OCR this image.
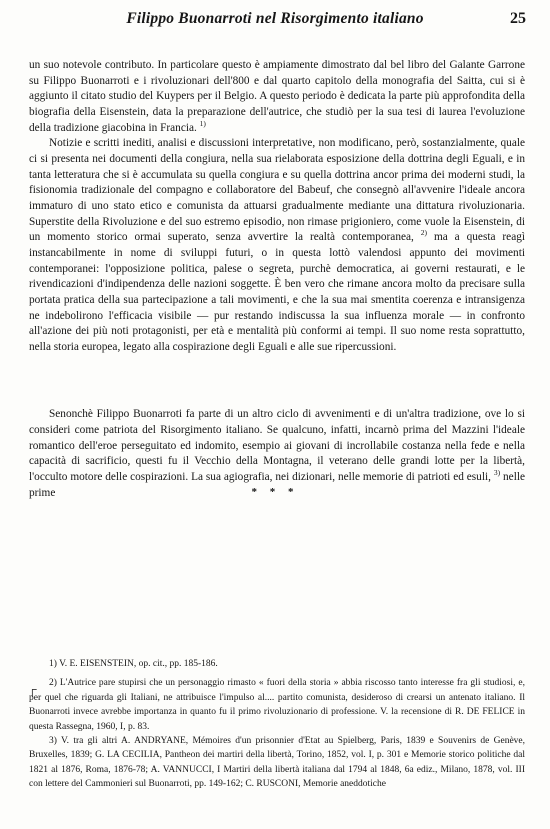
Filippo Buonarroti nel Risorgimento italiano	25

un suo notevole contributo. In particolare questo è ampiamente dimostrato dal bel libro del Galante Garrone su Filippo Buonarroti e i rivoluzionari dell'800 e dal quarto capitolo della monografia del Saitta, cui si è aggiunto il citato studio del Kuypers per il Belgio. A questo periodo è dedicata la parte più approfondita della biografia della Eisenstein, data la preparazione dell'autrice, che studiò per la sua tesi di laurea l'evoluzione della tradizione giacobina in Francia. $^{1)}$

Notizie e scritti inediti, analisi e discussioni interpretative, non modificano, però, sostanzialmente, quale ci si presenta nei documenti della congiura, nella sua rielaborata esposizione della dottrina degli Eguali, e in tanta letteratura che si è accumulata su quella congiura e su quella dottrina ancor prima dei moderni studi, la fisionomia tradizionale del compagno e collaboratore del Babeuf, che consegnò all'avvenire l'ideale ancora immaturo di uno stato etico e comunista da attuarsi gradualmente mediante una dittatura rivoluzionaria. Superstite della Rivoluzione e del suo estremo episodio, non rimase prigioniero, come vuole la Eisenstein, di un momento storico ormai superato, senza avvertire la realtà contemporanea, $^{2)}$ ma a questa reagì instancabilmente in nome di sviluppi futuri, o in questa lottò valendosi appunto dei movimenti contemporanei: l'opposizione politica, palese o segreta, purchè democratica, ai governi restaurati, e le rivendicazioni d'indipendenza delle nazioni soggette. È ben vero che rimane ancora molto da precisare sulla portata pratica della sua partecipazione a tali movimenti, e che la sua mai smentita coerenza e intransigenza ne indebolirono l'efficacia visibile — pur restando indiscussa la sua influenza morale — in confronto all'azione dei più noti protagonisti, per età e mentalità più conformi ai tempi. Il suo nome resta soprattutto, nella storia europea, legato alla cospirazione degli Eguali e alle sue ripercussioni.

Senonchè Filippo Buonarroti fa parte di un altro ciclo di avvenimenti e di un'altra tradizione, ove lo si consideri come patriota del Risorgimento italiano. Se qualcuno, infatti, incarnò prima del Mazzini l'ideale romantico dell'eroe perseguitato ed indomito, esempio ai giovani di incrollabile costanza nella fede e nella capacità di sacrificio, questi fu il Vecchio della Montagna, il veterano delle grandi lotte per la libertà, l'occulto motore delle cospirazioni. La sua agiografia, nei dizionari, nelle memorie di patrioti ed esuli, $^{3)}$ nelle prime	* * *
┌

1) V. E. EISENSTEIN, op. cit., pp. 185-186.

2) L'Autrice pare stupirsi che un personaggio rimasto « fuori della storia » abbia riscosso tanto interesse fra gli studiosi, e, per quel che riguarda gli Italiani, ne attribuisce l'impulso al.... partito comunista, desideroso di crearsi un antenato italiano. Il Buonarroti invece avrebbe importanza in quanto fu il primo rivoluzionario di professione. V. la recensione di R. DE FELICE in questa Rassegna, 1960, I, p. 83.

3) V. tra gli altri A. ANDRYANE, Mémoires d'un prisonnier d'Etat au Spielberg, Paris, 1839 e Souvenirs de Genève, Bruxelles, 1839; G. LA CECILIA, Pantheon dei martiri della libertà, Torino, 1852, vol. I, p. 301 e Memorie storico politiche dal 1821 al 1876, Roma, 1876-78; A. VANNUCCI, I Martiri della libertà italiana dal 1794 al 1848, 6a ediz., Milano, 1878, vol. III con lettere del Cammonieri sul Buonarroti, pp. 149-162; C. RUSCONI, Memorie aneddotiche
